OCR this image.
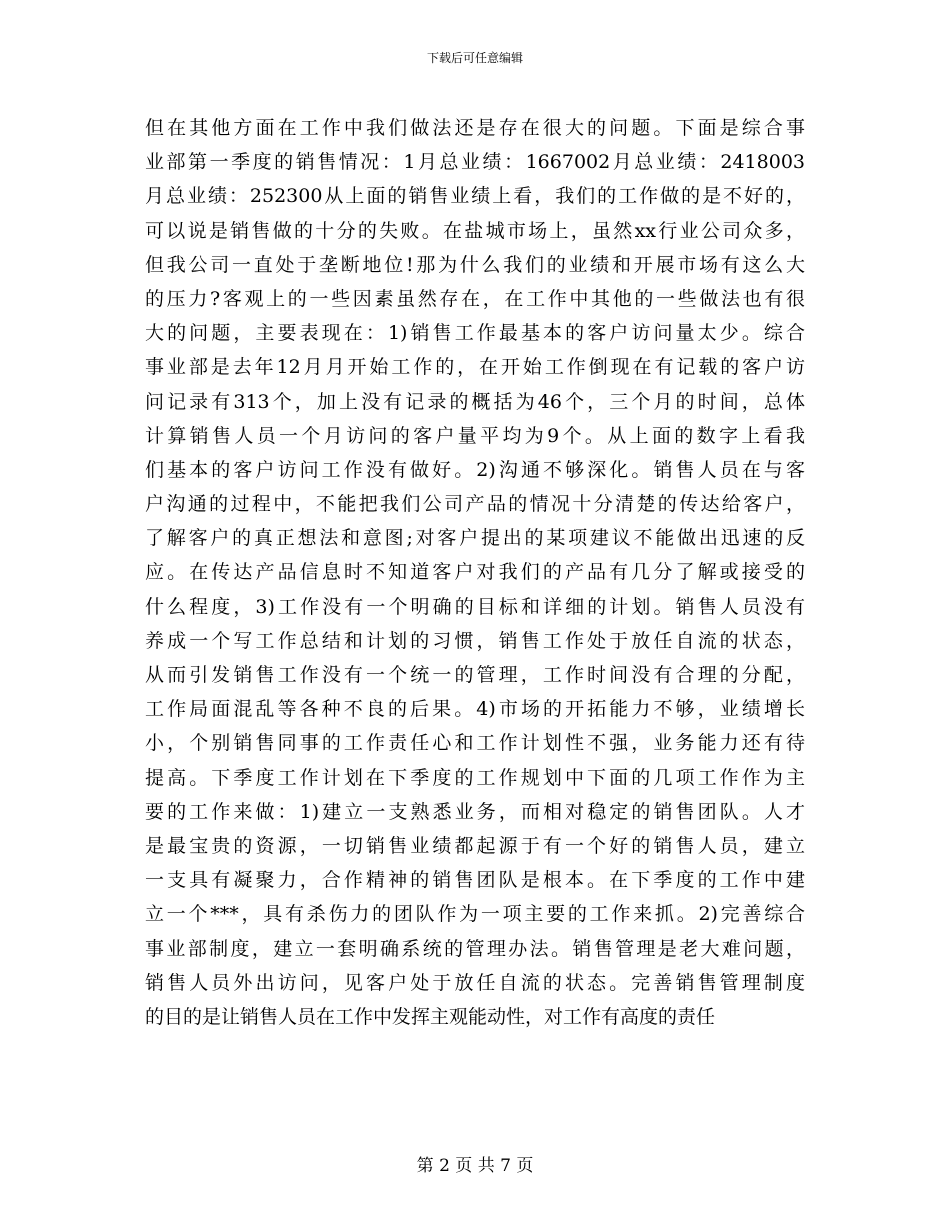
下载后可任意编辑
但在其他方面在工作中我们做法还是存在很大的问题。下面是综合事
业部第一季度的销售情况：1月总业绩：1667002月总业绩：2418003
月总业绩：252300从上面的销售业绩上看，我们的工作做的是不好的，
可以说是销售做的十分的失败。在盐城市场上，虽然xx行业公司众多，
但我公司一直处于垄断地位!那为什么我们的业绩和开展市场有这么大
的压力?客观上的一些因素虽然存在，在工作中其他的一些做法也有很
大的问题，主要表现在：1)销售工作最基本的客户访问量太少。综合
事业部是去年12月月开始工作的，在开始工作倒现在有记载的客户访
问记录有313个，加上没有记录的概括为46个，三个月的时间，总体
计算销售人员一个月访问的客户量平均为9个。从上面的数字上看我
们基本的客户访问工作没有做好。2)沟通不够深化。销售人员在与客
户沟通的过程中，不能把我们公司产品的情况十分清楚的传达给客户，
了解客户的真正想法和意图;对客户提出的某项建议不能做出迅速的反
应。在传达产品信息时不知道客户对我们的产品有几分了解或接受的
什么程度，3)工作没有一个明确的目标和详细的计划。销售人员没有
养成一个写工作总结和计划的习惯，销售工作处于放任自流的状态，
从而引发销售工作没有一个统一的管理，工作时间没有合理的分配，
工作局面混乱等各种不良的后果。4)市场的开拓能力不够，业绩增长
小，个别销售同事的工作责任心和工作计划性不强，业务能力还有待
提高。下季度工作计划在下季度的工作规划中下面的几项工作作为主
要的工作来做：1)建立一支熟悉业务，而相对稳定的销售团队。人才
是最宝贵的资源，一切销售业绩都起源于有一个好的销售人员，建立
一支具有凝聚力，合作精神的销售团队是根本。在下季度的工作中建
立一个***，具有杀伤力的团队作为一项主要的工作来抓。2)完善综合
事业部制度，建立一套明确系统的管理办法。销售管理是老大难问题，
销售人员外出访问，见客户处于放任自流的状态。完善销售管理制度
的目的是让销售人员在工作中发挥主观能动性，对工作有高度的责任
第 2 页 共 7 页
